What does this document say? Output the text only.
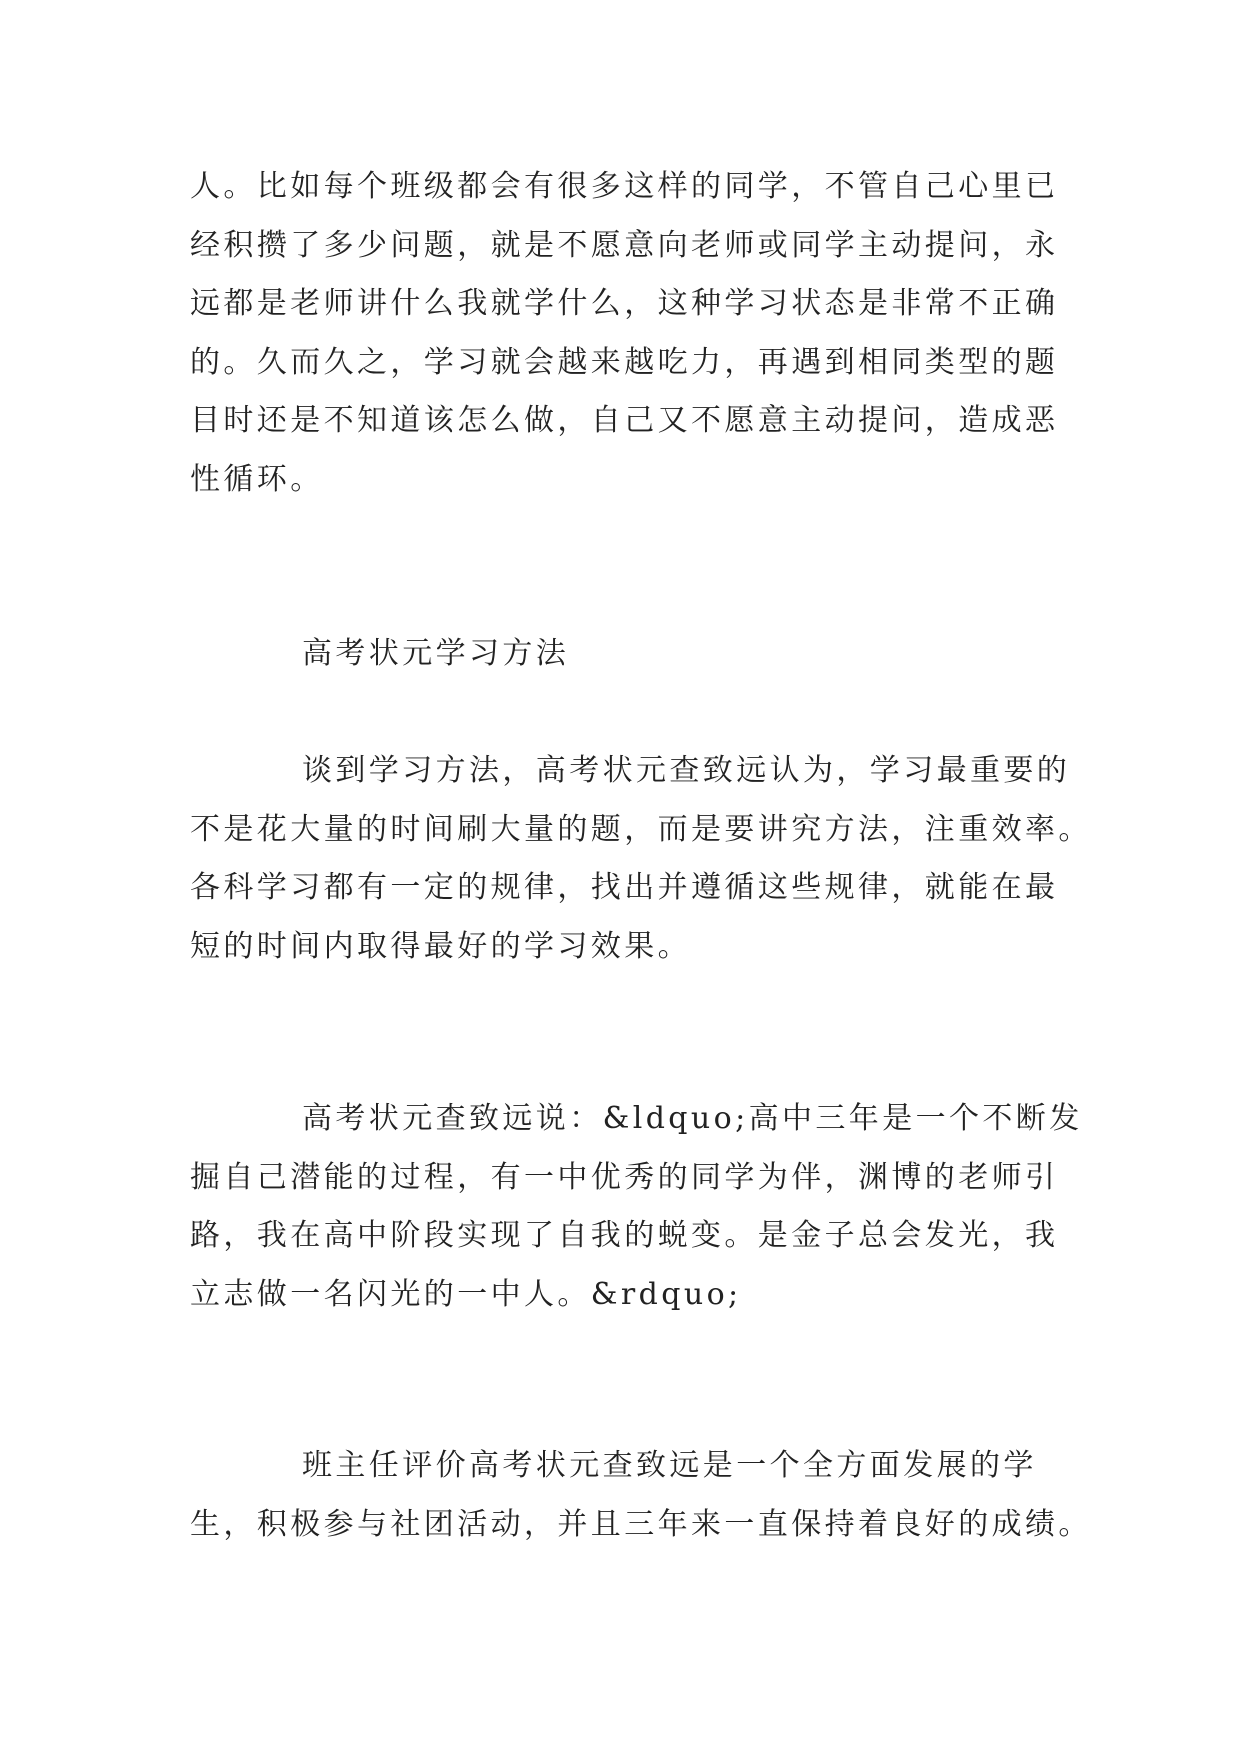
人。比如每个班级都会有很多这样的同学，不管自己心里已
经积攒了多少问题，就是不愿意向老师或同学主动提问，永
远都是老师讲什么我就学什么，这种学习状态是非常不正确
的。久而久之，学习就会越来越吃力，再遇到相同类型的题
目时还是不知道该怎么做，自己又不愿意主动提问，造成恶
性循环。
高考状元学习方法
谈到学习方法，高考状元查致远认为，学习最重要的
不是花大量的时间刷大量的题，而是要讲究方法，注重效率。
各科学习都有一定的规律，找出并遵循这些规律，就能在最
短的时间内取得最好的学习效果。
高考状元查致远说：&ldquo;高中三年是一个不断发
掘自己潜能的过程，有一中优秀的同学为伴，渊博的老师引
路，我在高中阶段实现了自我的蜕变。是金子总会发光，我
立志做一名闪光的一中人。&rdquo;
班主任评价高考状元查致远是一个全方面发展的学
生，积极参与社团活动，并且三年来一直保持着良好的成绩。
